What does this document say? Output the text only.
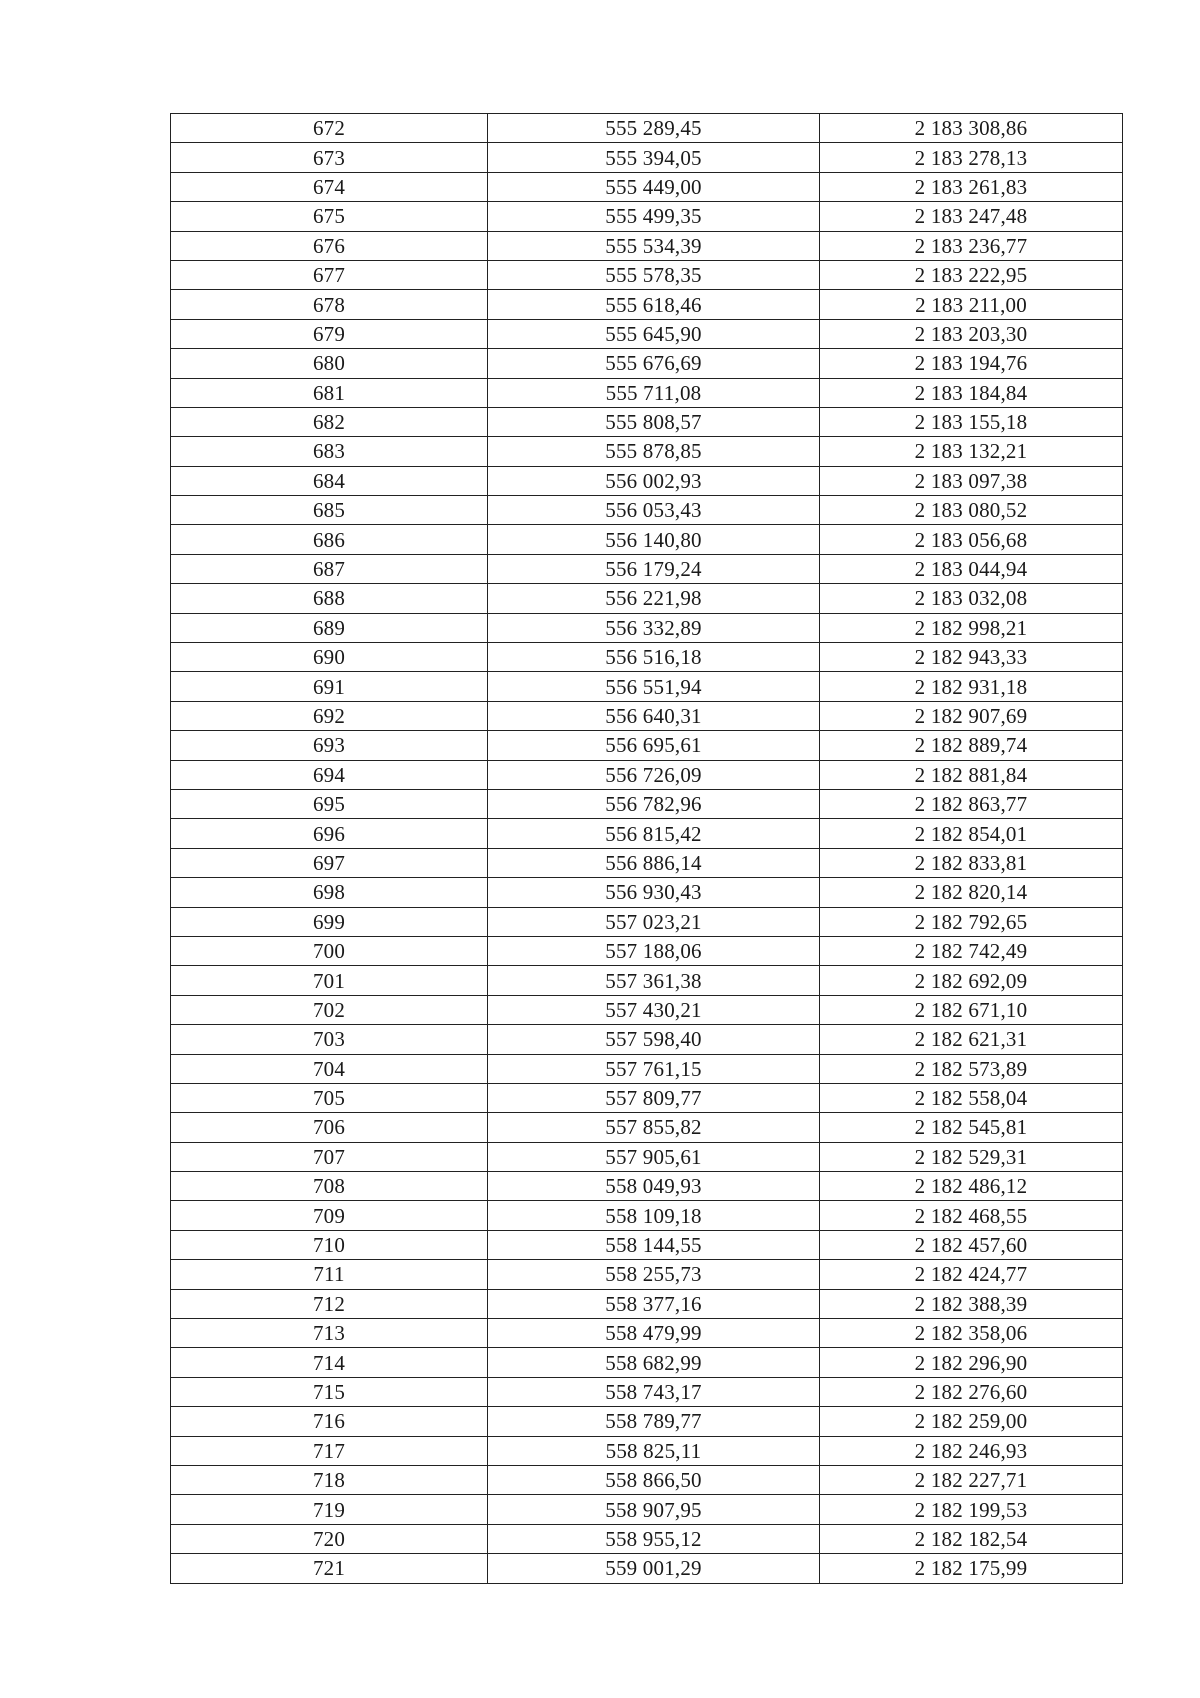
672	555 289,45	2 183 308,86
673	555 394,05	2 183 278,13
674	555 449,00	2 183 261,83
675	555 499,35	2 183 247,48
676	555 534,39	2 183 236,77
677	555 578,35	2 183 222,95
678	555 618,46	2 183 211,00
679	555 645,90	2 183 203,30
680	555 676,69	2 183 194,76
681	555 711,08	2 183 184,84
682	555 808,57	2 183 155,18
683	555 878,85	2 183 132,21
684	556 002,93	2 183 097,38
685	556 053,43	2 183 080,52
686	556 140,80	2 183 056,68
687	556 179,24	2 183 044,94
688	556 221,98	2 183 032,08
689	556 332,89	2 182 998,21
690	556 516,18	2 182 943,33
691	556 551,94	2 182 931,18
692	556 640,31	2 182 907,69
693	556 695,61	2 182 889,74
694	556 726,09	2 182 881,84
695	556 782,96	2 182 863,77
696	556 815,42	2 182 854,01
697	556 886,14	2 182 833,81
698	556 930,43	2 182 820,14
699	557 023,21	2 182 792,65
700	557 188,06	2 182 742,49
701	557 361,38	2 182 692,09
702	557 430,21	2 182 671,10
703	557 598,40	2 182 621,31
704	557 761,15	2 182 573,89
705	557 809,77	2 182 558,04
706	557 855,82	2 182 545,81
707	557 905,61	2 182 529,31
708	558 049,93	2 182 486,12
709	558 109,18	2 182 468,55
710	558 144,55	2 182 457,60
711	558 255,73	2 182 424,77
712	558 377,16	2 182 388,39
713	558 479,99	2 182 358,06
714	558 682,99	2 182 296,90
715	558 743,17	2 182 276,60
716	558 789,77	2 182 259,00
717	558 825,11	2 182 246,93
718	558 866,50	2 182 227,71
719	558 907,95	2 182 199,53
720	558 955,12	2 182 182,54
721	559 001,29	2 182 175,99
